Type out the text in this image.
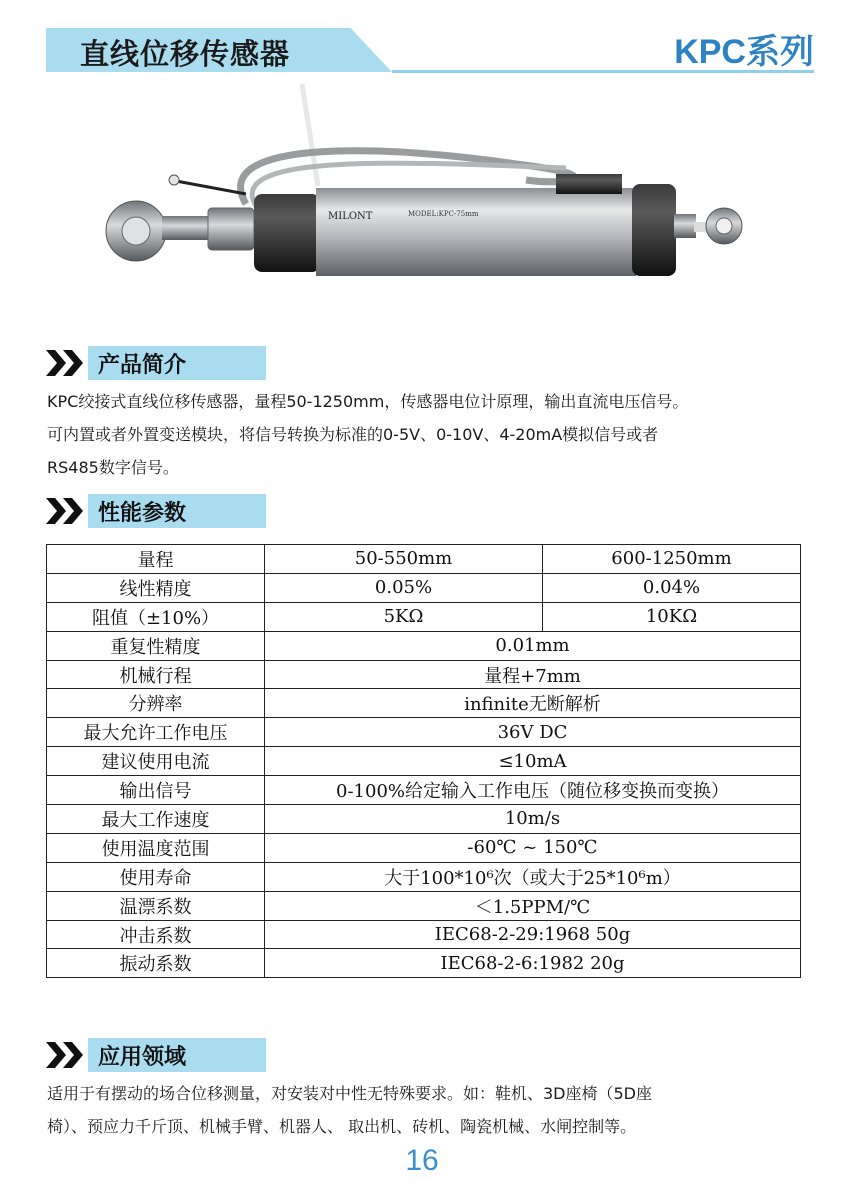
直线位移传感器	KPC系列
MILONT	MODEL:KPC-75mm
产品简介
KPC绞接式直线位移传感器，量程50-1250mm，传感器电位计原理，输出直流电压信号。
可内置或者外置变送模块，将信号转换为标准的0-5V、0-10V、4-20mA模拟信号或者
RS485数字信号。
性能参数
量程	50-550mm	600-1250mm
线性精度	0.05%	0.04%
阻值（±10%）	5KΩ	10KΩ
重复性精度	0.01mm	
机械行程	量程+7mm	
分辨率	infinite无断解析	
最大允许工作电压	36V DC	
建议使用电流	≤10mA	
输出信号	0-100%给定输入工作电压（随位移变换而变换）	
最大工作速度	10m/s	
使用温度范围	-60℃ ~ 150℃	
使用寿命	大于100*10⁶次（或大于25*10⁶m）	
温漂系数	＜1.5PPM/℃	
冲击系数	IEC68-2-29:1968 50g	
振动系数	IEC68-2-6:1982 20g	
应用领域
适用于有摆动的场合位移测量，对安装对中性无特殊要求。如：鞋机、3D座椅（5D座
椅）、预应力千斤顶、机械手臂、机器人、 取出机、砖机、陶瓷机械、水闸控制等。
16
